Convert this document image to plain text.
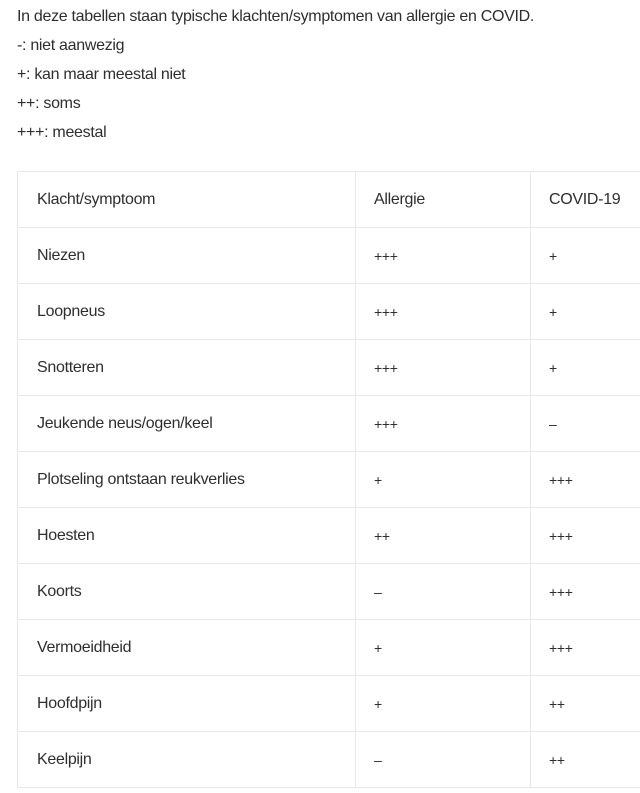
In deze tabellen staan typische klachten/symptomen van allergie en COVID.

-: niet aanwezig

+: kan maar meestal niet

++: soms

+++: meestal

Klacht/symptoom	Allergie	COVID-19
Niezen	+++	+
Loopneus	+++	+
Snotteren	+++	+
Jeukende neus/ogen/keel	+++	–
Plotseling ontstaan reukverlies	+	+++
Hoesten	++	+++
Koorts	–	+++
Vermoeidheid	+	+++
Hoofdpijn	+	++
Keelpijn	–	++
